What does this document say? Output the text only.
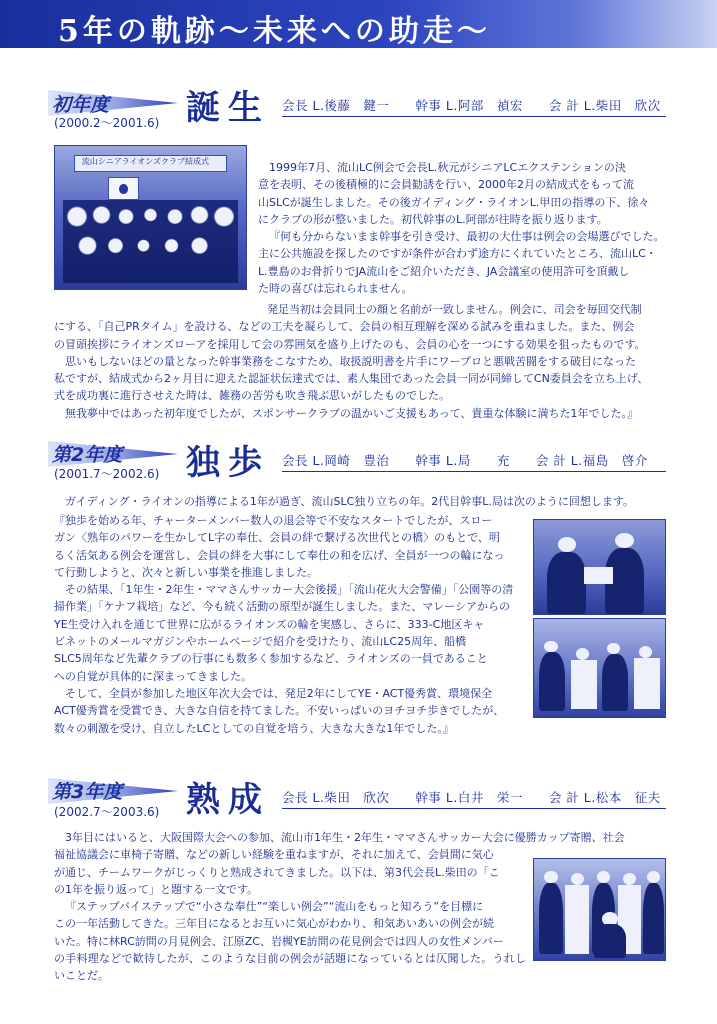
5年の軌跡～未来への助走～
初年度
(2000.2～2001.6) 誕生 会長 L.後藤　鍵一　　幹事 L.阿部　禎宏　　会 計 L.柴田　欣次
流山シニアライオンズクラブ結成式	1999年7月、流山LC例会で会長L.秋元がシニアLCエクステンションの決
意を表明、その後積極的に会員勧誘を行い、2000年2月の結成式をもって流
山SLCが誕生しました。その後ガイディング・ライオンL.甲田の指導の下、徐々
にクラブの形が整いました。初代幹事のL.阿部が往時を振り返ります。
『何も分からないまま幹事を引き受け、最初の大仕事は例会の会場選びでした。
主に公共施設を探したのですが条件が合わず途方にくれていたところ、流山LC・
L.豊島のお骨折りでJA流山をご紹介いただき、JA会議室の使用許可を頂戴し
た時の喜びは忘れられません。
発足当初は会員同士の顔と名前が一致しません。例会に、司会を毎回交代制
にする、「自己PRタイム」を設ける、などの工夫を凝らして、会員の相互理解を深める試みを重ねました。また、例会
の冒頭挨拶にライオンズローアを採用して会の雰囲気を盛り上げたのも、会員の心を一つにする効果を狙ったものです。
思いもしないほどの量となった幹事業務をこなすため、取扱説明書を片手にワープロと悪戦苦闘をする破目になった
私ですが、結成式から2ヶ月目に迎えた認証状伝達式では、素人集団であった会員一同が同締してCN委員会を立ち上げ、
式を成功裏に進行させえた時は、雑務の苦労も吹き飛ぶ思いがしたものでした。
無我夢中ではあった初年度でしたが、スポンサークラブの温かいご支援もあって、貴重な体験に満ちた1年でした。』
第2年度
(2001.7～2002.6) 独歩 会長 L.岡崎　豊治　　幹事 L.局　　充　　会 計 L.福島　啓介
ガイディング・ライオンの指導による1年が過ぎ、流山SLC独り立ちの年。2代目幹事L.局は次のように回想します。
『独歩を始める年、チャーターメンバー数人の退会等で不安なスタートでしたが、スロー
ガン〈熟年のパワーを生かしてL字の奉仕、会員の絆で繋げる次世代との橋〉のもとで、明
るく活気ある例会を運営し、会員の絆を大事にして奉仕の和を広げ、全員が一つの輪になっ
て行動しようと、次々と新しい事業を推進しました。
その結果、「1年生・2年生・ママさんサッカー大会後援」「流山花火大会警備」「公園等の清
掃作業」「ケナフ栽培」など、今も続く活動の原型が誕生しました。また、マレーシアからの
YE生受け入れを通じて世界に広がるライオンズの輪を実感し、さらに、333-C地区キャ
ビネットのメールマガジンやホームページで紹介を受けたり、流山LC25周年、船橋
SLC5周年など先輩クラブの行事にも数多く参加するなど、ライオンズの一員であること
への自覚が具体的に深まってきました。
そして、全員が参加した地区年次大会では、発足2年にしてYE・ACT優秀賞、環境保全
ACT優秀賞を受賞でき、大きな自信を持てました。不安いっぱいのヨチヨチ歩きでしたが、
数々の刺激を受け、自立したLCとしての自覚を培う、大きな大きな1年でした。』
第3年度
(2002.7～2003.6) 熟成 会長 L.柴田　欣次　　幹事 L.白井　栄一　　会 計 L.松本　征夫
3年目にはいると、大阪国際大会への参加、流山市1年生・2年生・ママさんサッカー大会に優勝カップ寄贈、社会
福祉協議会に車椅子寄贈、などの新しい経験を重ねますが、それに加えて、会員間に気心
が通じ、チームワークがじっくりと熟成されてきました。以下は、第3代会長L.柴田の「こ
の1年を振り返って」と題する一文です。
『ステップバイステップで“小さな奉仕”“楽しい例会”“流山をもっと知ろう”を目標に
この一年活動してきた。三年目になるとお互いに気心がわかり、和気あいあいの例会が続
いた。特に林RC訪問の月見例会、江原ZC、岩槻YE訪問の花見例会では四人の女性メンバー
の手料理などで歓待したが、このような目前の例会が話題になっているとは仄聞した。うれしいことだ。
